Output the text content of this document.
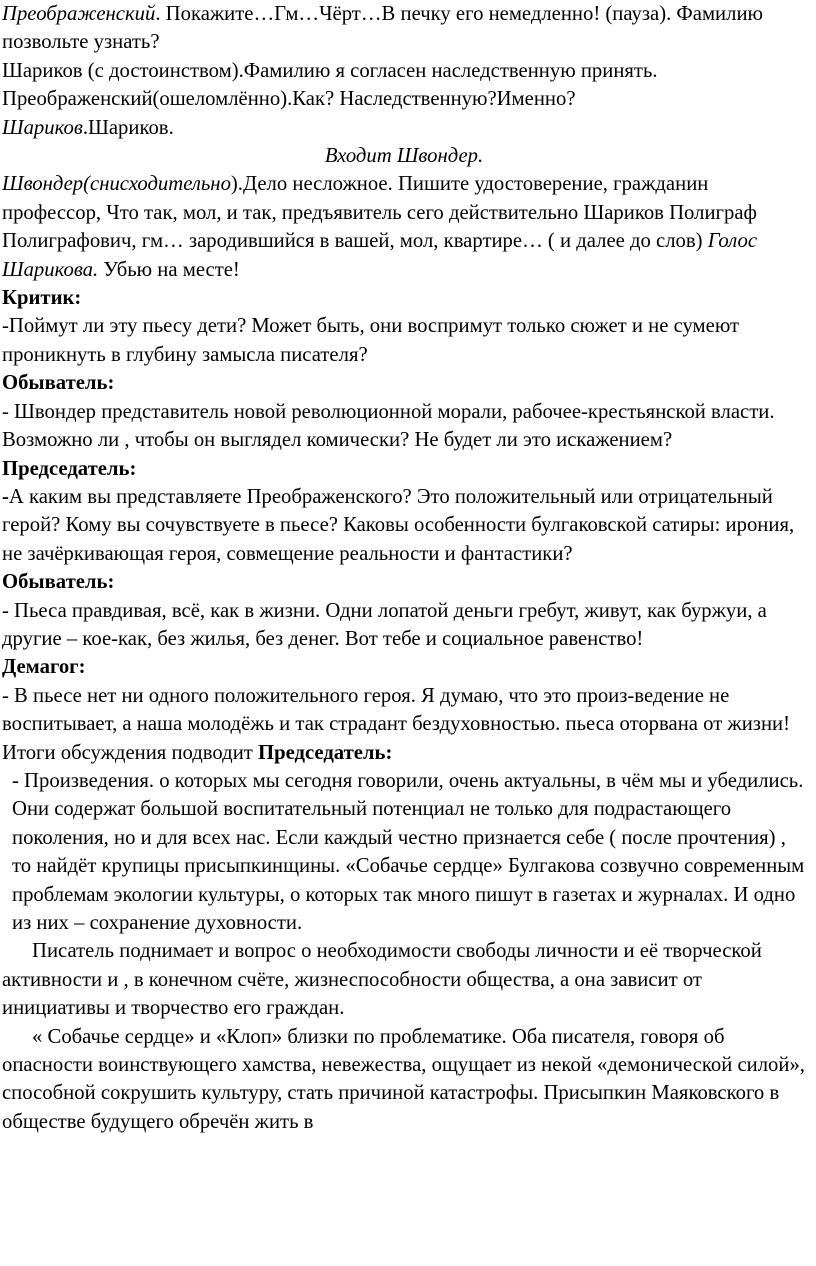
Преображенский. Покажите…Гм…Чёрт…В печку его немедленно! (пауза). Фамилию позвольте узнать?

Шариков (с достоинством).Фамилию я согласен наследственную принять.

Преображенский(ошеломлённо).Как? Наследственную?Именно?

Шариков.Шариков.

Входит Швондер.

Швондер(снисходительно).Дело несложное. Пишите удостоверение, гражданин профессор, Что так, мол, и так, предъявитель сего действительно Шариков Полиграф Полиграфович, гм… зародившийся в вашей, мол, квартире… ( и далее до слов) Голос Шарикова. Убью на месте!

Критик:

-Поймут ли эту пьесу дети? Может быть, они воспримут только сюжет и не сумеют проникнуть в глубину замысла писателя?

Обыватель:

- Швондер представитель новой революционной морали, рабочее-крестьянской власти. Возможно ли , чтобы он выглядел комически? Не будет ли это искажением?

Председатель:

-А каким вы представляете Преображенского? Это положительный или отрицательный герой? Кому вы сочувствуете в пьесе? Каковы особенности булгаковской сатиры: ирония, не зачёркивающая героя, совмещение реальности и фантастики?

Обыватель:

- Пьеса правдивая, всё, как в жизни. Одни лопатой деньги гребут, живут, как буржуи, а другие – кое-как, без жилья, без денег. Вот тебе и социальное равенство!

Демагог:

- В пьесе нет ни одного положительного героя. Я думаю, что это произ-ведение не воспитывает, а наша молодёжь и так страдант бездуховностью. пьеса оторвана от жизни!

Итоги обсуждения подводит Председатель:

- Произведения. о которых мы сегодня говорили, очень актуальны, в чём мы и убедились. Они содержат большой воспитательный потенциал не только для подрастающего поколения, но и для всех нас. Если каждый честно признается себе ( после прочтения) , то найдёт крупицы присыпкинщины. «Собачье сердце» Булгакова созвучно современным проблемам экологии культуры, о которых так много пишут в газетах и журналах. И одно из них – сохранение духовности.

Писатель поднимает и вопрос о необходимости свободы личности и её творческой активности и , в конечном счёте, жизнеспособности общества, а она зависит от инициативы и творчество его граждан.

« Собачье сердце» и «Клоп» близки по проблематике. Оба писателя, говоря об опасности воинствующего хамства, невежества, ощущает из некой «демонической силой», способной сокрушить культуру, стать причиной катастрофы. Присыпкин Маяковского в обществе будущего обречён жить в
